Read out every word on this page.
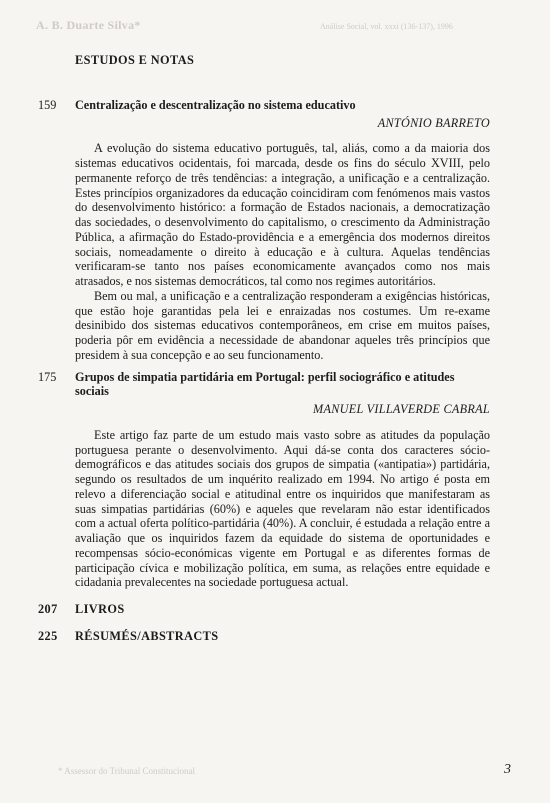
A. B. Duarte Silva*	Análise Social, vol. xxxi (136-137), 1996
* Assessor do Tribunal Constitucional
ESTUDOS E NOTAS
159	Centralização e descentralização no sistema educativo
ANTÓNIO BARRETO

A evolução do sistema educativo português, tal, aliás, como a da maioria dos sistemas educativos ocidentais, foi marcada, desde os fins do século XVIII, pelo permanente reforço de três tendências: a integração, a unificação e a centralização. Estes princípios organizadores da educação coincidiram com fenómenos mais vastos do desenvolvimento histórico: a formação de Estados nacionais, a democratização das sociedades, o desenvolvimento do capitalismo, o crescimento da Administração Pública, a afirmação do Estado-providência e a emergência dos modernos direitos sociais, nomeadamente o direito à educação e à cultura. Aquelas tendências verificaram-se tanto nos países economicamente avançados como nos mais atrasados, e nos sistemas democráticos, tal como nos regimes autoritários.

Bem ou mal, a unificação e a centralização responderam a exigências históricas, que estão hoje garantidas pela lei e enraizadas nos costumes. Um re-exame desinibido dos sistemas educativos contemporâneos, em crise em muitos países, poderia pôr em evidência a necessidade de abandonar aqueles três princípios que presidem à sua concepção e ao seu funcionamento.

175	Grupos de simpatia partidária em Portugal: perfil sociográfico e atitudes sociais
MANUEL VILLAVERDE CABRAL

Este artigo faz parte de um estudo mais vasto sobre as atitudes da população portuguesa perante o desenvolvimento. Aqui dá-se conta dos caracteres sócio-demográficos e das atitudes sociais dos grupos de simpatia («antipatia») partidária, segundo os resultados de um inquérito realizado em 1994. No artigo é posta em relevo a diferenciação social e atitudinal entre os inquiridos que manifestaram as suas simpatias partidárias (60%) e aqueles que revelaram não estar identificados com a actual oferta político-partidária (40%). A concluir, é estudada a relação entre a avaliação que os inquiridos fazem da equidade do sistema de oportunidades e recompensas sócio-económicas vigente em Portugal e as diferentes formas de participação cívica e mobilização política, em suma, as relações entre equidade e cidadania prevalecentes na sociedade portuguesa actual.

207	LIVROS
225	RÉSUMÉS/ABSTRACTS
3
